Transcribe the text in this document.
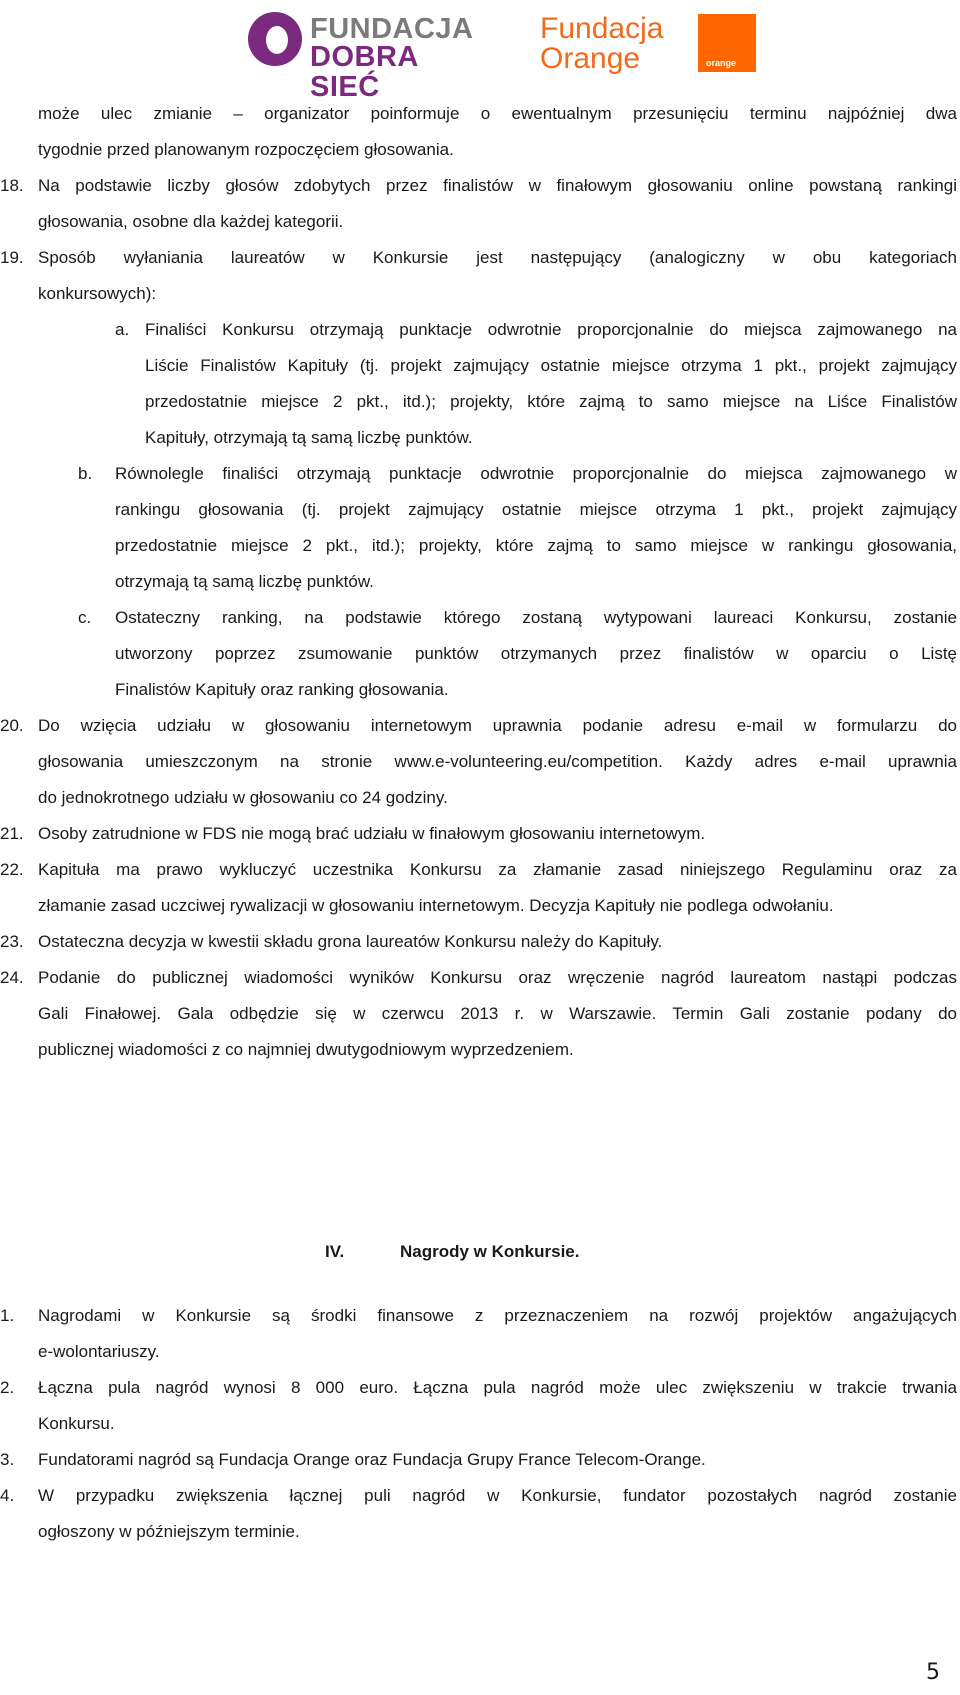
FUNDACJA
DOBRA SIEĆ
Fundacja
Orange	orange
może ulec zmianie – organizator poinformuje o ewentualnym przesunięciu terminu najpóźniej dwa
tygodnie przed planowanym rozpoczęciem głosowania.
18. Na podstawie liczby głosów zdobytych przez finalistów w finałowym głosowaniu online powstaną rankingi
głosowania, osobne dla każdej kategorii.
19. Sposób wyłaniania laureatów w Konkursie jest następujący (analogiczny w obu kategoriach
konkursowych):
a. Finaliści Konkursu otrzymają punktacje odwrotnie proporcjonalnie do miejsca zajmowanego na
Liście Finalistów Kapituły (tj. projekt zajmujący ostatnie miejsce otrzyma 1 pkt., projekt zajmujący
przedostatnie miejsce 2 pkt., itd.); projekty, które zajmą to samo miejsce na Liśce Finalistów
Kapituły, otrzymają tą samą liczbę punktów.
b. Równolegle finaliści otrzymają punktacje odwrotnie proporcjonalnie do miejsca zajmowanego w
rankingu głosowania (tj. projekt zajmujący ostatnie miejsce otrzyma 1 pkt., projekt zajmujący
przedostatnie miejsce 2 pkt., itd.); projekty, które zajmą to samo miejsce w rankingu głosowania,
otrzymają tą samą liczbę punktów.
c. Ostateczny ranking, na podstawie którego zostaną wytypowani laureaci Konkursu, zostanie
utworzony poprzez zsumowanie punktów otrzymanych przez finalistów w oparciu o Listę
Finalistów Kapituły oraz ranking głosowania.
20. Do wzięcia udziału w głosowaniu internetowym uprawnia podanie adresu e-mail w formularzu do
głosowania umieszczonym na stronie www.e-volunteering.eu/competition. Każdy adres e-mail uprawnia
do jednokrotnego udziału w głosowaniu co 24 godziny.
21. Osoby zatrudnione w FDS nie mogą brać udziału w finałowym głosowaniu internetowym.
22. Kapituła ma prawo wykluczyć uczestnika Konkursu za złamanie zasad niniejszego Regulaminu oraz za
złamanie zasad uczciwej rywalizacji w głosowaniu internetowym. Decyzja Kapituły nie podlega odwołaniu.
23. Ostateczna decyzja w kwestii składu grona laureatów Konkursu należy do Kapituły.
24. Podanie do publicznej wiadomości wyników Konkursu oraz wręczenie nagród laureatom nastąpi podczas
Gali Finałowej. Gala odbędzie się w czerwcu 2013 r. w Warszawie. Termin Gali zostanie podany do
publicznej wiadomości z co najmniej dwutygodniowym wyprzedzeniem.
IV.	Nagrody w Konkursie.
1. Nagrodami w Konkursie są środki finansowe z przeznaczeniem na rozwój projektów angażujących
e-wolontariuszy.
2. Łączna pula nagród wynosi 8 000 euro. Łączna pula nagród może ulec zwiększeniu w trakcie trwania
Konkursu.
3. Fundatorami nagród są Fundacja Orange oraz Fundacja Grupy France Telecom-Orange.
4. W przypadku zwiększenia łącznej puli nagród w Konkursie, fundator pozostałych nagród zostanie
ogłoszony w późniejszym terminie.
5
